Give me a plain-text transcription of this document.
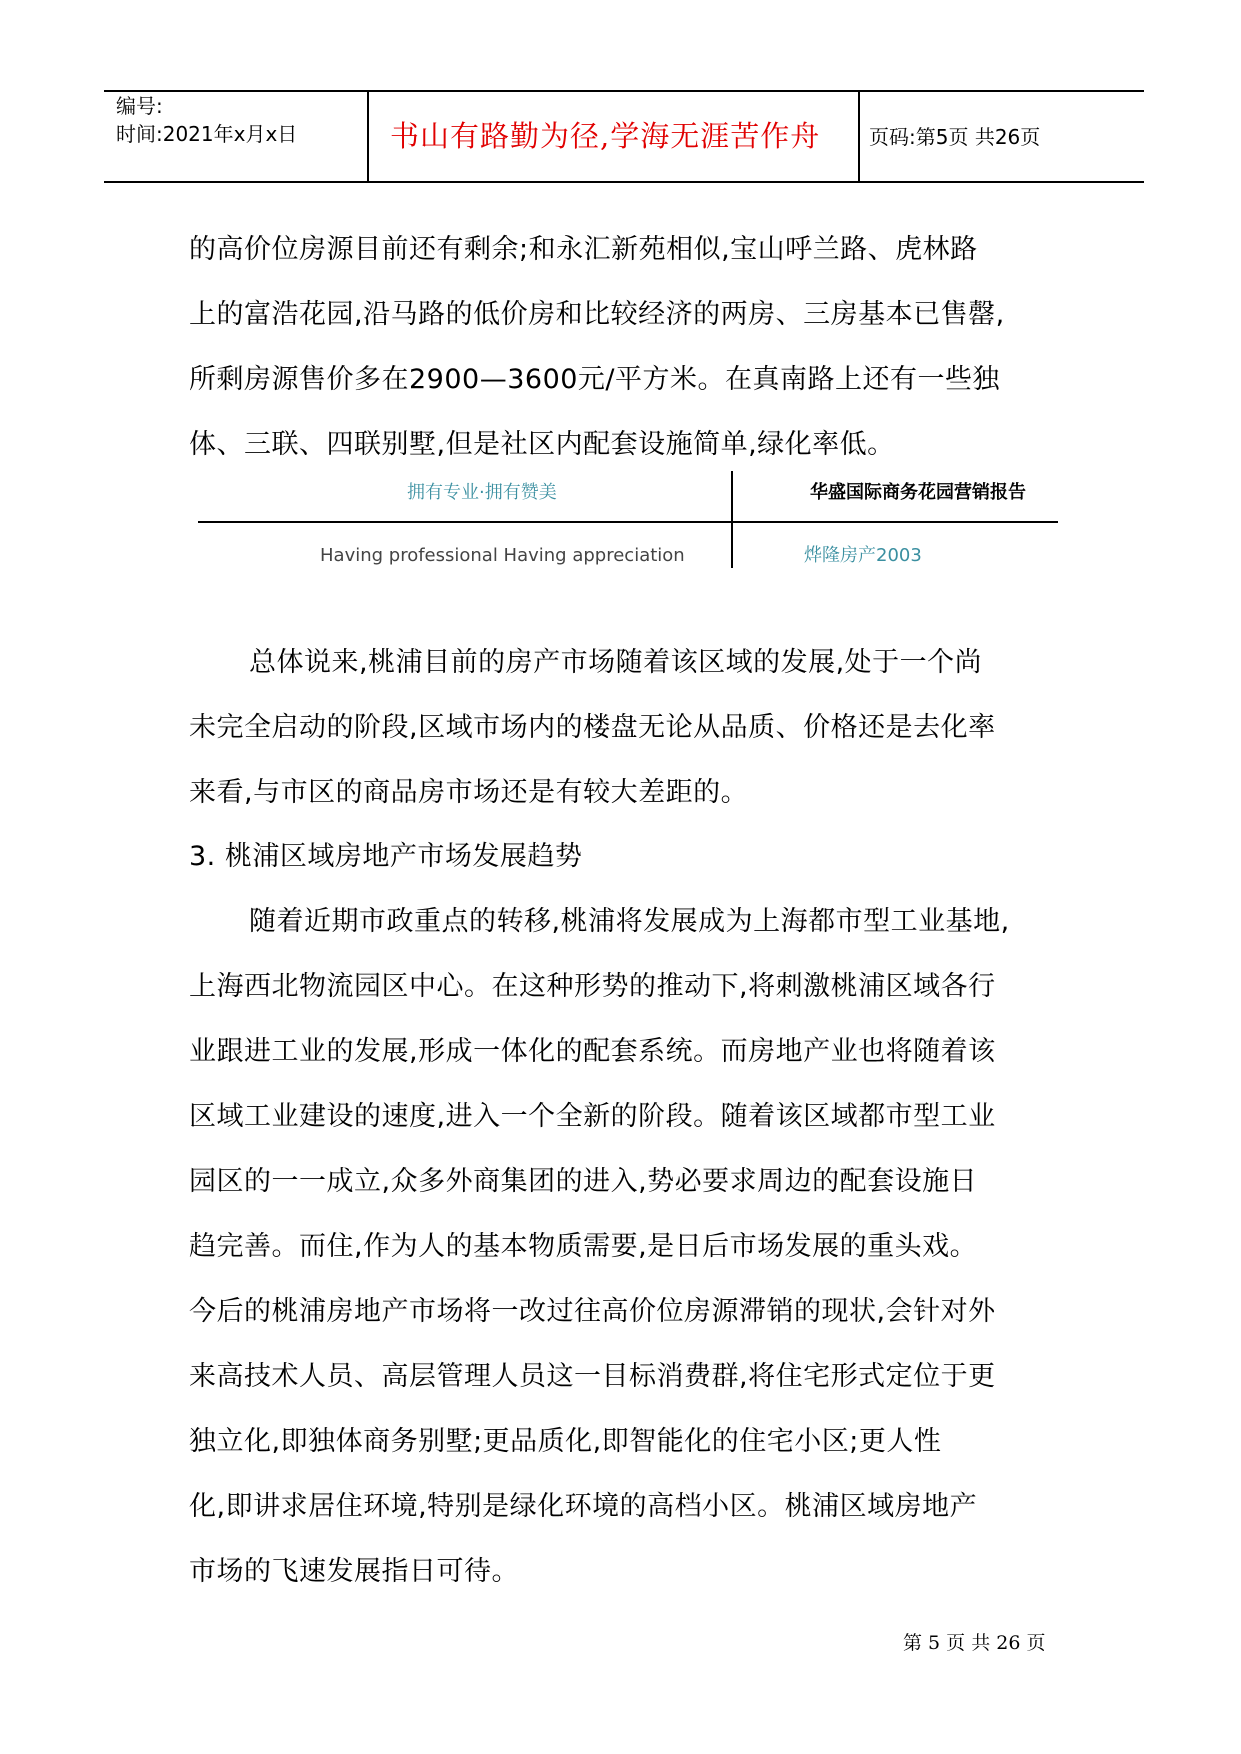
编号:
时间:2021年x月x日	书山有路勤为径,学海无涯苦作舟 页码:第5页 共26页
的高价位房源目前还有剩余;和永汇新苑相似,宝山呼兰路、虎林路
上的富浩花园,沿马路的低价房和比较经济的两房、三房基本已售罄,
所剩房源售价多在2900—3600元/平方米。在真南路上还有一些独
体、三联、四联别墅,但是社区内配套设施简单,绿化率低。
拥有专业·拥有赞美	华盛国际商务花园营销报告
Having professional Having appreciation	烨隆房产2003
总体说来,桃浦目前的房产市场随着该区域的发展,处于一个尚
未完全启动的阶段,区域市场内的楼盘无论从品质、价格还是去化率
来看,与市区的商品房市场还是有较大差距的。
3. 桃浦区域房地产市场发展趋势
随着近期市政重点的转移,桃浦将发展成为上海都市型工业基地,
上海西北物流园区中心。在这种形势的推动下,将刺激桃浦区域各行
业跟进工业的发展,形成一体化的配套系统。而房地产业也将随着该
区域工业建设的速度,进入一个全新的阶段。随着该区域都市型工业
园区的一一成立,众多外商集团的进入,势必要求周边的配套设施日
趋完善。而住,作为人的基本物质需要,是日后市场发展的重头戏。
今后的桃浦房地产市场将一改过往高价位房源滞销的现状,会针对外
来高技术人员、高层管理人员这一目标消费群,将住宅形式定位于更
独立化,即独体商务别墅;更品质化,即智能化的住宅小区;更人性
化,即讲求居住环境,特别是绿化环境的高档小区。桃浦区域房地产
市场的飞速发展指日可待。
第 5 页 共 26 页
